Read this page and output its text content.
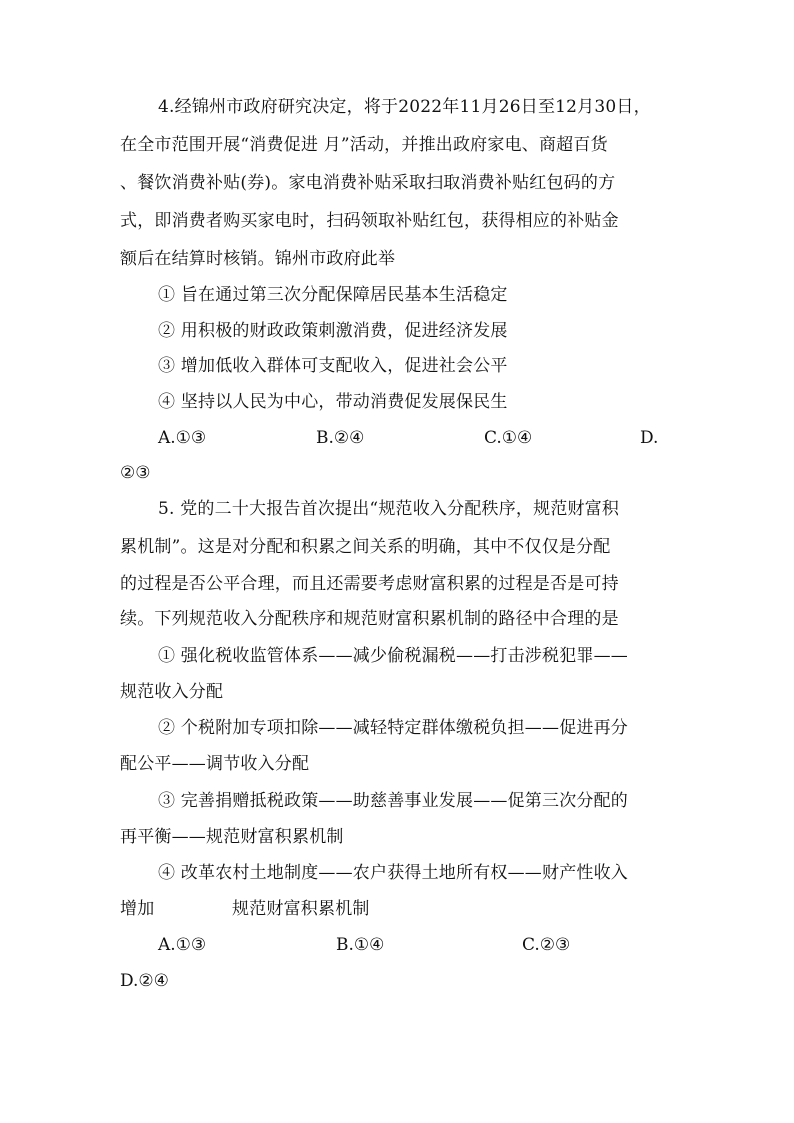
4.经锦州市政府研究决定，将于2022年11月26日至12月30日，
在全市范围开展“消费促进 月”活动，并推出政府家电、商超百货
、餐饮消费补贴(券)。家电消费补贴采取扫取消费补贴红包码的方
式，即消费者购买家电时，扫码领取补贴红包，获得相应的补贴金
额后在结算时核销。锦州市政府此举
① 旨在通过第三次分配保障居民基本生活稳定
② 用积极的财政政策刺激消费，促进经济发展
③ 增加低收入群体可支配收入，促进社会公平
④ 坚持以人民为中心，带动消费促发展保民生
A.①③	B.②④	C.①④	D.
②③
5. 党的二十大报告首次提出“规范收入分配秩序，规范财富积
累机制”。这是对分配和积累之间关系的明确，其中不仅仅是分配
的过程是否公平合理，而且还需要考虑财富积累的过程是否是可持
续。下列规范收入分配秩序和规范财富积累机制的路径中合理的是
① 强化税收监管体系——减少偷税漏税——打击涉税犯罪——
规范收入分配
② 个税附加专项扣除——减轻特定群体缴税负担——促进再分
配公平——调节收入分配
③ 完善捐赠抵税政策——助慈善事业发展——促第三次分配的
再平衡——规范财富积累机制
④ 改革农村土地制度——农户获得土地所有权——财产性收入
增加	规范财富积累机制
A.①③	B.①④	C.②③
D.②④
